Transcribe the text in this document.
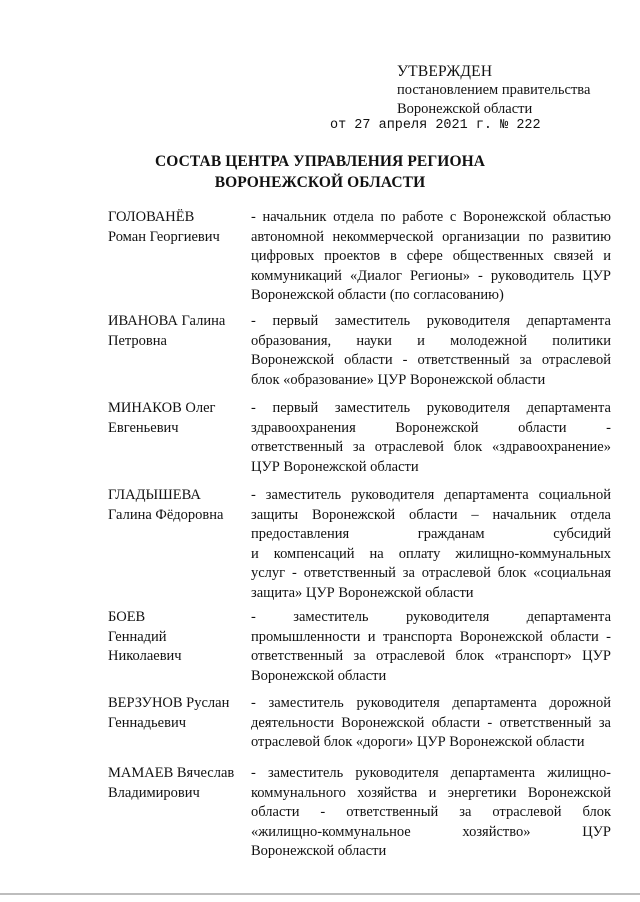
УТВЕРЖДЕН
постановлением правительства
Воронежской области
от 27 апреля 2021 г. № 222
СОСТАВ ЦЕНТРА УПРАВЛЕНИЯ РЕГИОНА
ВОРОНЕЖСКОЙ ОБЛАСТИ
ГОЛОВАНЁВ
Роман Георгиевич
- начальник отдела по работе с Воронежской областью
автономной некоммерческой организации по развитию
цифровых проектов в сфере общественных связей и
коммуникаций «Диалог Регионы» - руководитель ЦУР
Воронежской области (по согласованию)
ИВАНОВА Галина
Петровна
- первый заместитель руководителя департамента
образования, науки и молодежной политики
Воронежской области - ответственный за отраслевой
блок «образование» ЦУР Воронежской области
МИНАКОВ Олег
Евгеньевич
- первый заместитель руководителя департамента
здравоохранения Воронежской области -
ответственный за отраслевой блок «здравоохранение»
ЦУР Воронежской области
ГЛАДЫШЕВА
Галина Фёдоровна
- заместитель руководителя департамента социальной
защиты Воронежской области – начальник отдела
предоставления гражданам субсидий
и компенсаций на оплату жилищно-коммунальных
услуг - ответственный за отраслевой блок «социальная
защита» ЦУР Воронежской области
БОЕВ
Геннадий
Николаевич
- заместитель руководителя департамента
промышленности и транспорта Воронежской области -
ответственный за отраслевой блок «транспорт» ЦУР
Воронежской области
ВЕРЗУНОВ Руслан
Геннадьевич
- заместитель руководителя департамента дорожной
деятельности Воронежской области - ответственный за
отраслевой блок «дороги» ЦУР Воронежской области
МАМАЕВ Вячеслав
Владимирович
- заместитель руководителя департамента жилищно-
коммунального хозяйства и энергетики Воронежской
области - ответственный за отраслевой блок
«жилищно-коммунальное хозяйство» ЦУР
Воронежской области
